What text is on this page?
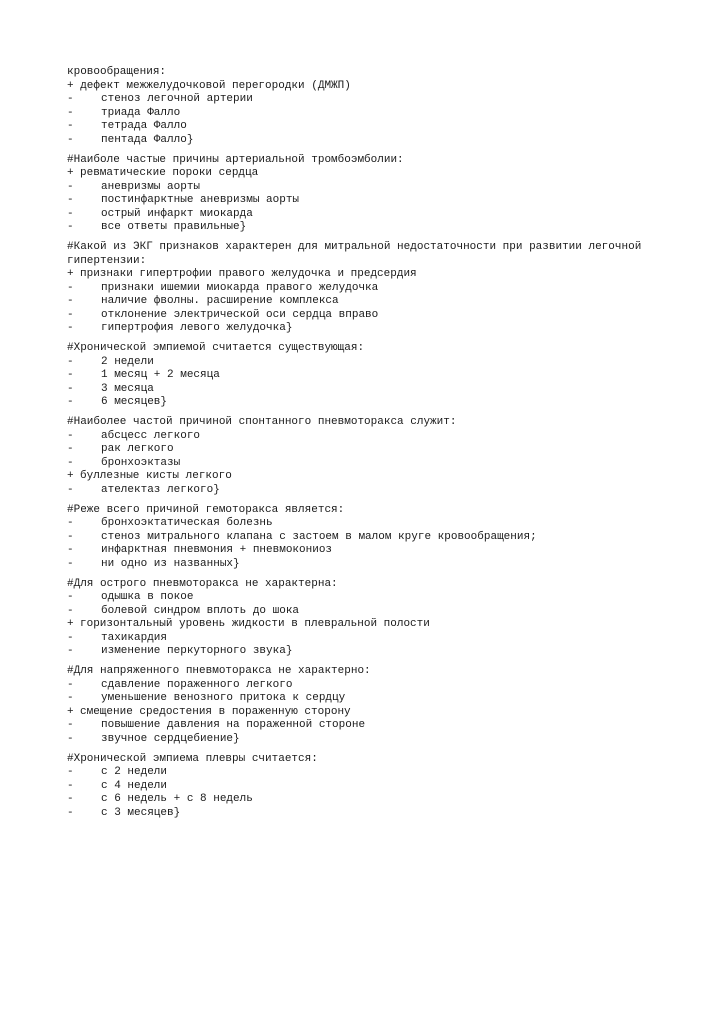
кровообращения:
+ дефект межжелудочковой перегородки (ДМЖП)
-	стеноз легочной артерии
-	триада Фалло
-	тетрада Фалло
-	пентада Фалло}
#Наиболе частые причины артериальной тромбоэмболии:
+ ревматические пороки сердца
-	аневризмы аорты
-	постинфарктные аневризмы аорты
-	острый инфаркт миокарда
-	все ответы правильные}
#Какой из ЭКГ признаков характерен для митральной недостаточности при развитии легочной гипертензии:
+ признаки гипертрофии правого желудочка и предсердия
-	признаки ишемии миокарда правого желудочка
-	наличие фволны. расширение комплекса
-	отклонение электрической оси сердца вправо
-	гипертрофия левого желудочка}
#Хронической эмпиемой считается существующая:
-	2 недели
-	1 месяц + 2 месяца
-	3 месяца
-	6 месяцев}
#Наиболее частой причиной спонтанного пневмоторакса служит:
-	абсцесс легкого
-	рак легкого
-	бронхоэктазы
+ буллезные кисты легкого
-	ателектаз легкого}
#Реже всего причиной гемоторакса является:
-	бронхоэктатическая болезнь
-	стеноз митрального клапана с застоем в малом круге кровообращения;
-	инфарктная пневмония + пневмокониоз
-	ни одно из названных}
#Для острого пневмоторакса не характерна:
-	одышка в покое
-	болевой синдром вплоть до шока
+ горизонтальный уровень жидкости в плевральной полости
-	тахикардия
-	изменение перкуторного звука}
#Для напряженного пневмоторакса не характерно:
-	сдавление пораженного легкого
-	уменьшение венозного притока к сердцу
+ смещение средостения в пораженную сторону
-	повышение давления на пораженной стороне
-	звучное сердцебиение}
#Хронической эмпиема плевры считается:
-	с 2 недели
-	с 4 недели
-	с 6 недель + с 8 недель
-	с 3 месяцев}
